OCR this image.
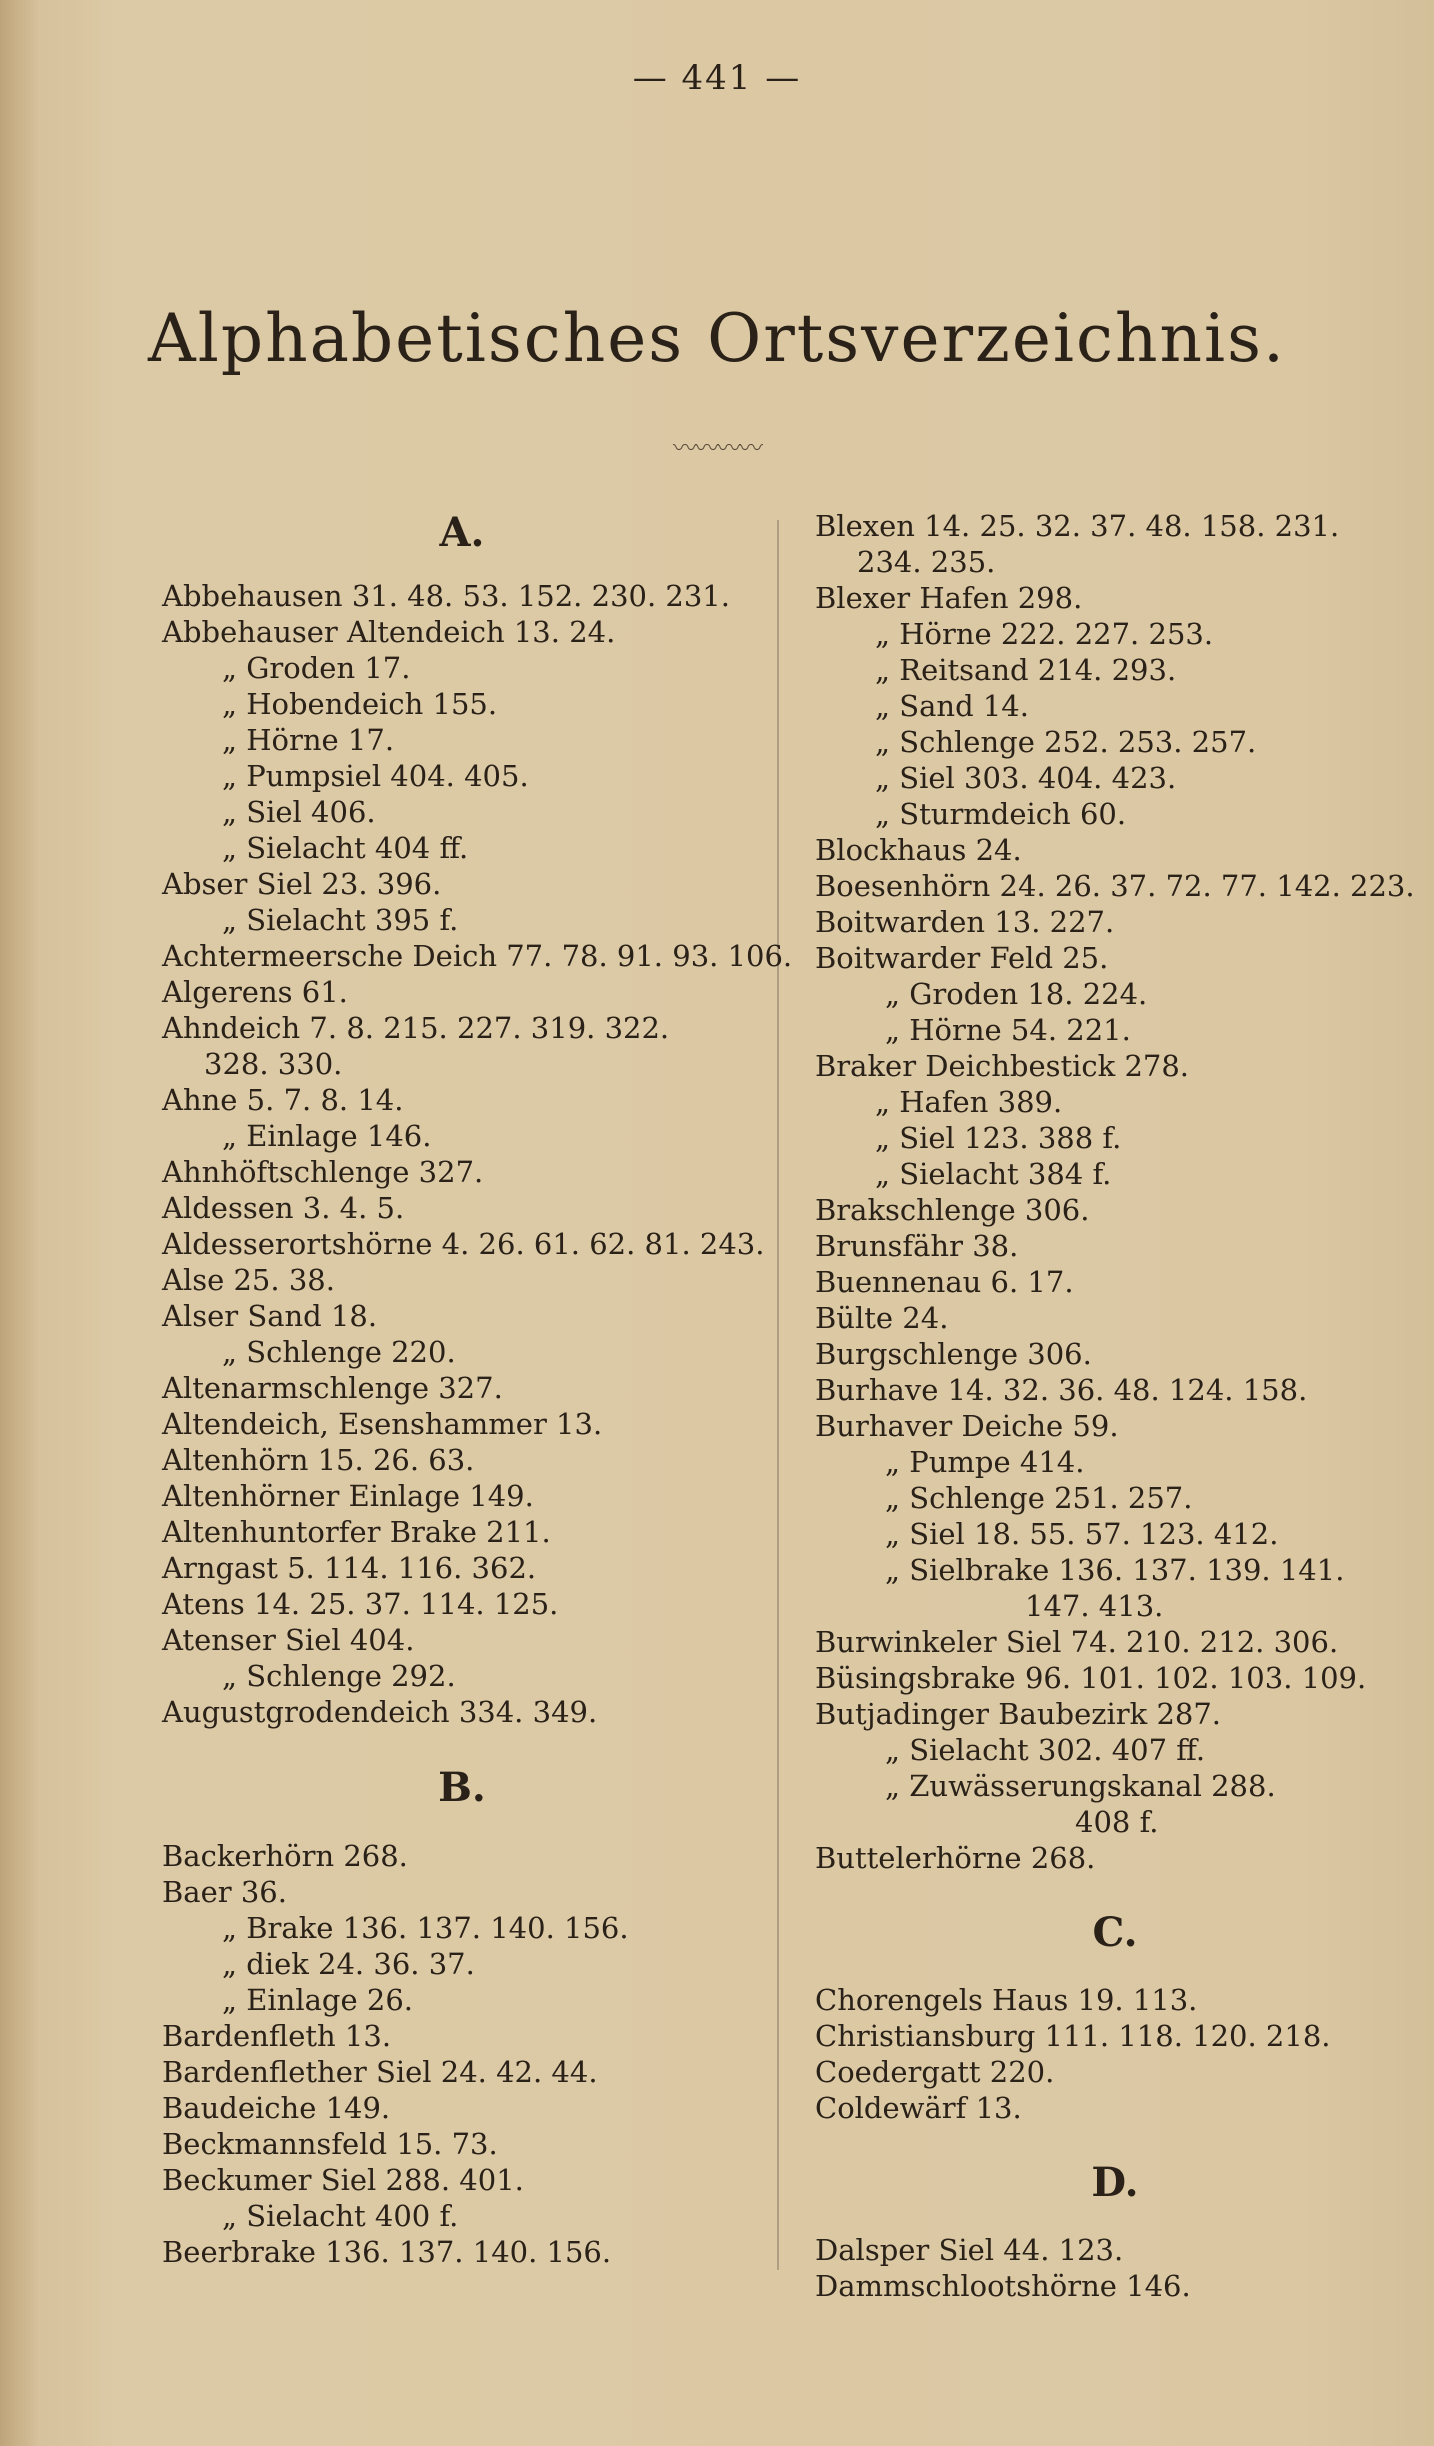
— 441 —
Alphabetisches Ortsverzeichnis.
〰〰〰〰
A.
Abbehausen 31. 48. 53. 152. 230. 231.
Abbehauser Altendeich 13. 24.
„ Groden 17.
„ Hobendeich 155.
„ Hörne 17.
„ Pumpsiel 404. 405.
„ Siel 406.
„ Sielacht 404 ff.
Abser Siel 23. 396.
„ Sielacht 395 f.
Achtermeersche Deich 77. 78. 91. 93. 106.
Algerens 61.
Ahndeich 7. 8. 215. 227. 319. 322.
328. 330.
Ahne 5. 7. 8. 14.
„ Einlage 146.
Ahnhöftschlenge 327.
Aldessen 3. 4. 5.
Aldesserortshörne 4. 26. 61. 62. 81. 243.
Alse 25. 38.
Alser Sand 18.
„ Schlenge 220.
Altenarmschlenge 327.
Altendeich, Esenshammer 13.
Altenhörn 15. 26. 63.
Altenhörner Einlage 149.
Altenhuntorfer Brake 211.
Arngast 5. 114. 116. 362.
Atens 14. 25. 37. 114. 125.
Atenser Siel 404.
„ Schlenge 292.
Augustgrodendeich 334. 349.
B.
Backerhörn 268.
Baer 36.
„ Brake 136. 137. 140. 156.
„ diek 24. 36. 37.
„ Einlage 26.
Bardenfleth 13.
Bardenflether Siel 24. 42. 44.
Baudeiche 149.
Beckmannsfeld 15. 73.
Beckumer Siel 288. 401.
„ Sielacht 400 f.
Beerbrake 136. 137. 140. 156.
Blexen 14. 25. 32. 37. 48. 158. 231.
234. 235.
Blexer Hafen 298.
„ Hörne 222. 227. 253.
„ Reitsand 214. 293.
„ Sand 14.
„ Schlenge 252. 253. 257.
„ Siel 303. 404. 423.
„ Sturmdeich 60.
Blockhaus 24.
Boesenhörn 24. 26. 37. 72. 77. 142. 223.
Boitwarden 13. 227.
Boitwarder Feld 25.
„ Groden 18. 224.
„ Hörne 54. 221.
Braker Deichbestick 278.
„ Hafen 389.
„ Siel 123. 388 f.
„ Sielacht 384 f.
Brakschlenge 306.
Brunsfähr 38.
Buennenau 6. 17.
Bülte 24.
Burgschlenge 306.
Burhave 14. 32. 36. 48. 124. 158.
Burhaver Deiche 59.
„ Pumpe 414.
„ Schlenge 251. 257.
„ Siel 18. 55. 57. 123. 412.
„ Sielbrake 136. 137. 139. 141.
147. 413.
Burwinkeler Siel 74. 210. 212. 306.
Büsingsbrake 96. 101. 102. 103. 109.
Butjadinger Baubezirk 287.
„ Sielacht 302. 407 ff.
„ Zuwässerungskanal 288.
408 f.
Buttelerhörne 268.
C.
Chorengels Haus 19. 113.
Christiansburg 111. 118. 120. 218.
Coedergatt 220.
Coldewärf 13.
D.
Dalsper Siel 44. 123.
Dammschlootshörne 146.
